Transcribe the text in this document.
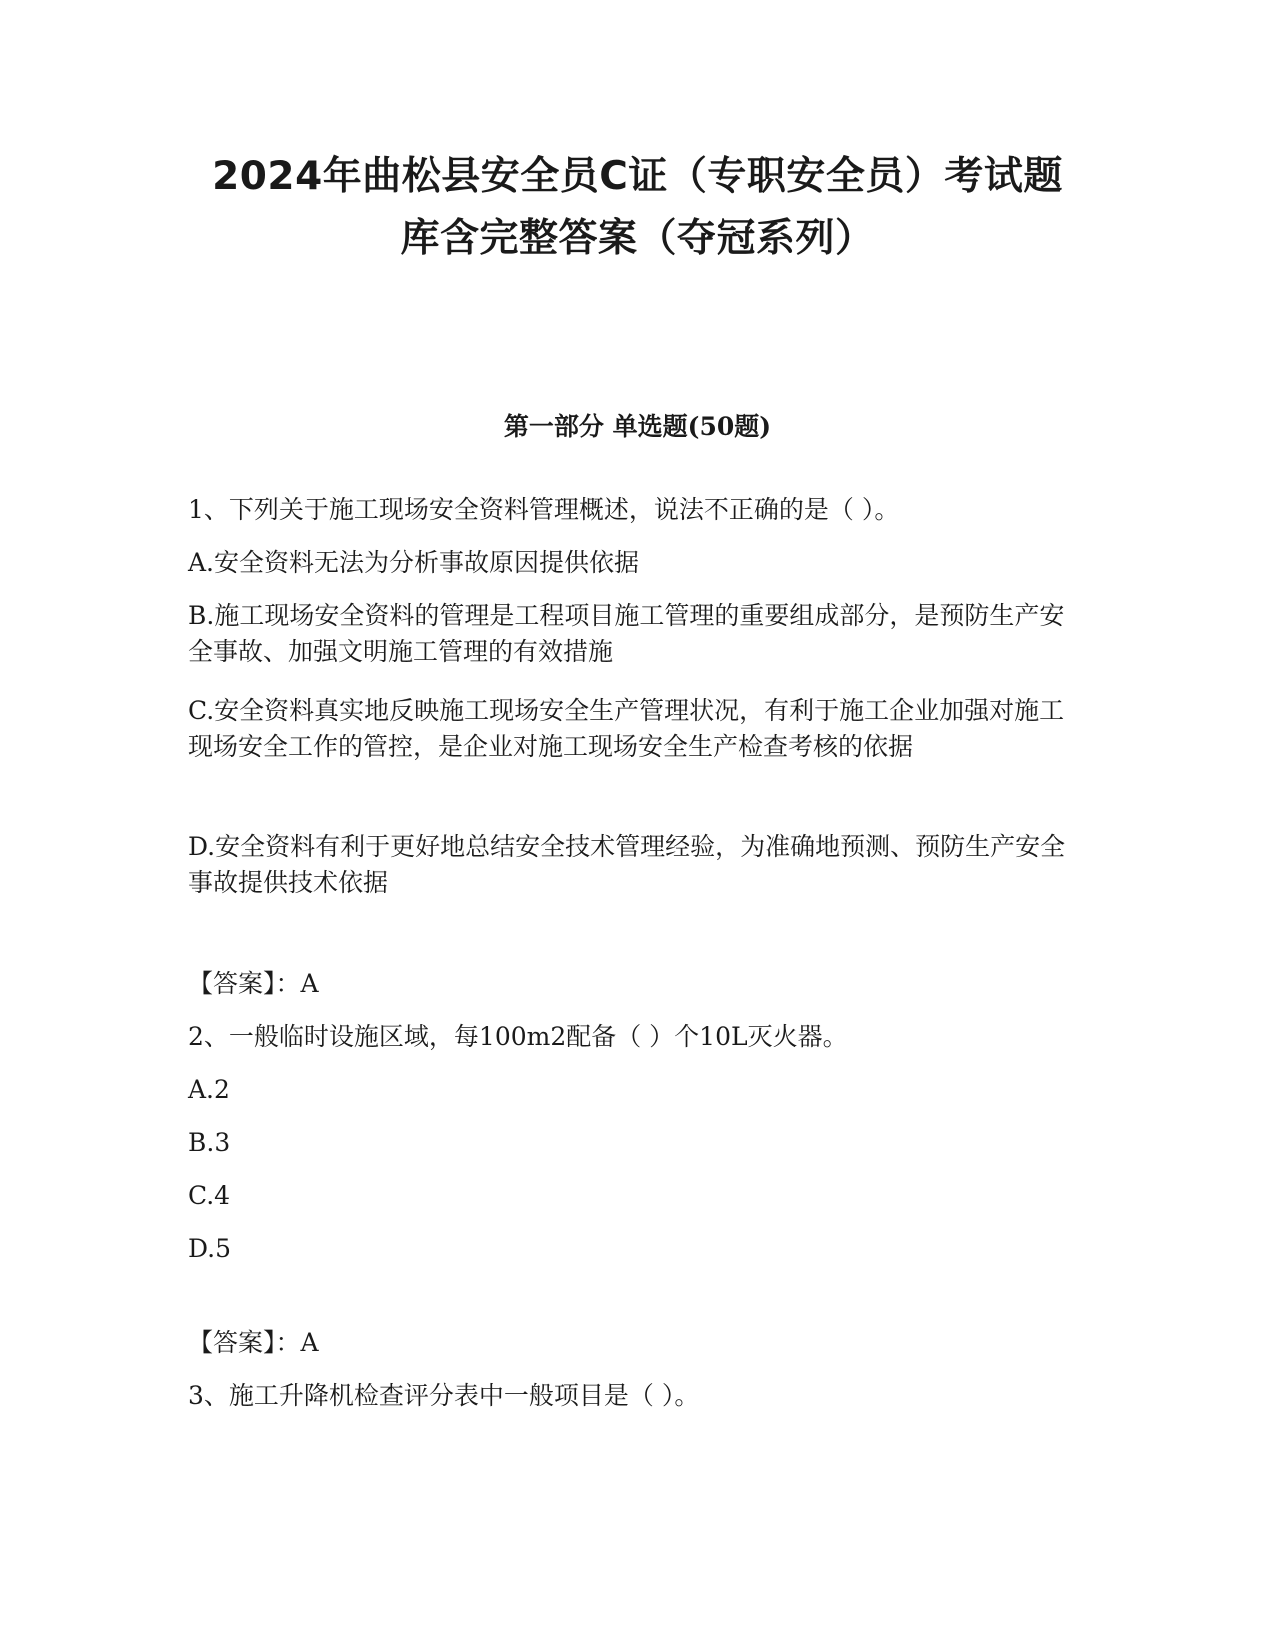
2024年曲松县安全员C证（专职安全员）考试题
库含完整答案（夺冠系列）
第一部分 单选题(50题)

1、下列关于施工现场安全资料管理概述，说法不正确的是（ ）。

A.安全资料无法为分析事故原因提供依据

B.施工现场安全资料的管理是工程项目施工管理的重要组成部分，是预防生产安全事故、加强文明施工管理的有效措施

C.安全资料真实地反映施工现场安全生产管理状况，有利于施工企业加强对施工现场安全工作的管控，是企业对施工现场安全生产检查考核的依据

D.安全资料有利于更好地总结安全技术管理经验，为准确地预测、预防生产安全事故提供技术依据

【答案】：A

2、一般临时设施区域，每100m2配备（ ）个10L灭火器。

A.2

B.3

C.4

D.5

【答案】：A

3、施工升降机检查评分表中一般项目是（ ）。
